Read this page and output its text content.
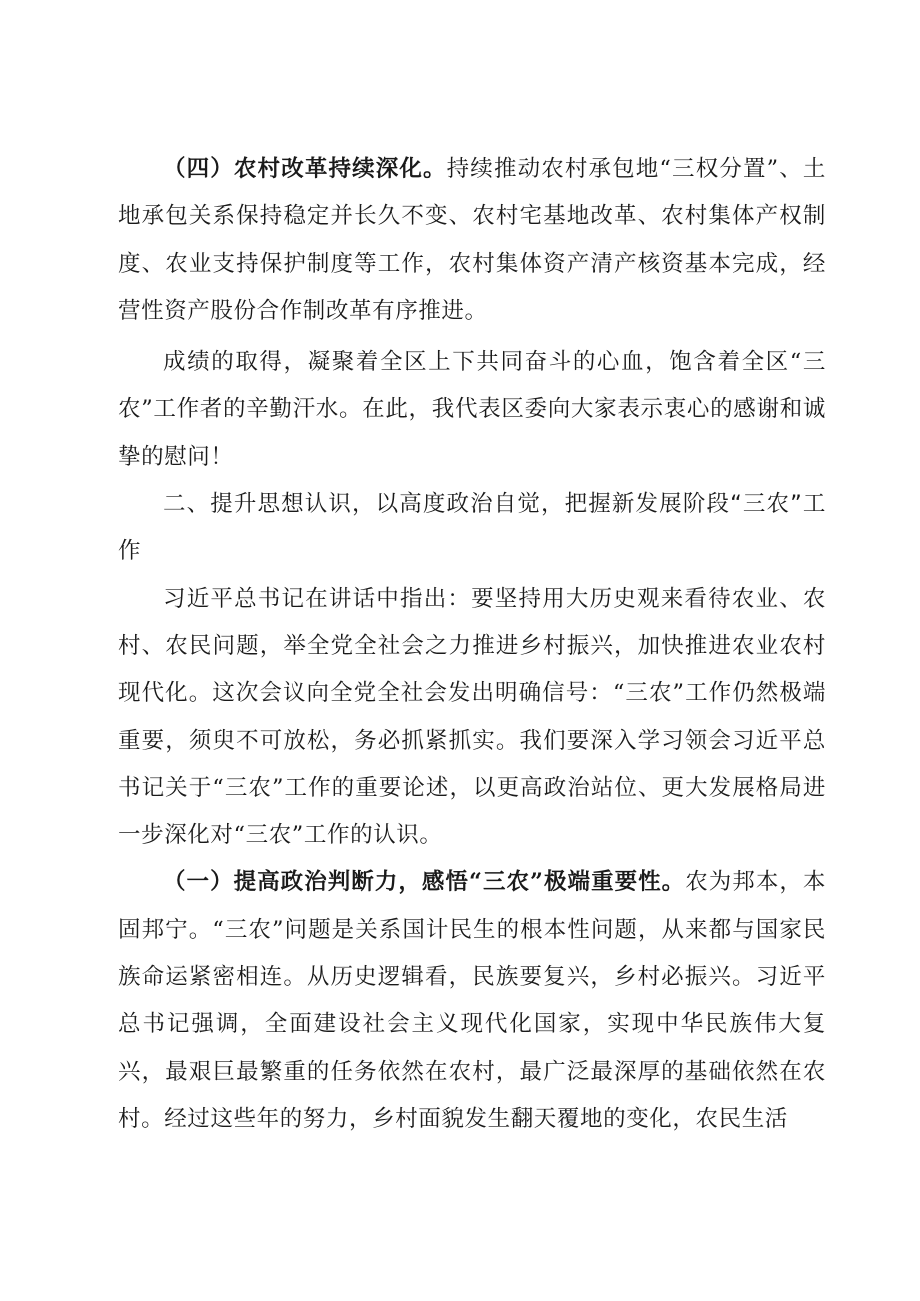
（四）农村改革持续深化。持续推动农村承包地“三权分置”、土地承包关系保持稳定并长久不变、农村宅基地改革、农村集体产权制度、农业支持保护制度等工作，农村集体资产清产核资基本完成，经营性资产股份合作制改革有序推进。

成绩的取得，凝聚着全区上下共同奋斗的心血，饱含着全区“三农”工作者的辛勤汗水。在此，我代表区委向大家表示衷心的感谢和诚挚的慰问！

二、提升思想认识，以高度政治自觉，把握新发展阶段“三农”工作

习近平总书记在讲话中指出：要坚持用大历史观来看待农业、农村、农民问题，举全党全社会之力推进乡村振兴，加快推进农业农村现代化。这次会议向全党全社会发出明确信号：“三农”工作仍然极端重要，须臾不可放松，务必抓紧抓实。我们要深入学习领会习近平总书记关于“三农”工作的重要论述，以更高政治站位、更大发展格局进一步深化对“三农”工作的认识。

（一）提高政治判断力，感悟“三农”极端重要性。农为邦本，本固邦宁。“三农”问题是关系国计民生的根本性问题，从来都与国家民族命运紧密相连。从历史逻辑看，民族要复兴，乡村必振兴。习近平总书记强调，全面建设社会主义现代化国家，实现中华民族伟大复兴，最艰巨最繁重的任务依然在农村，最广泛最深厚的基础依然在农村。经过这些年的努力，乡村面貌发生翻天覆地的变化，农民生活
